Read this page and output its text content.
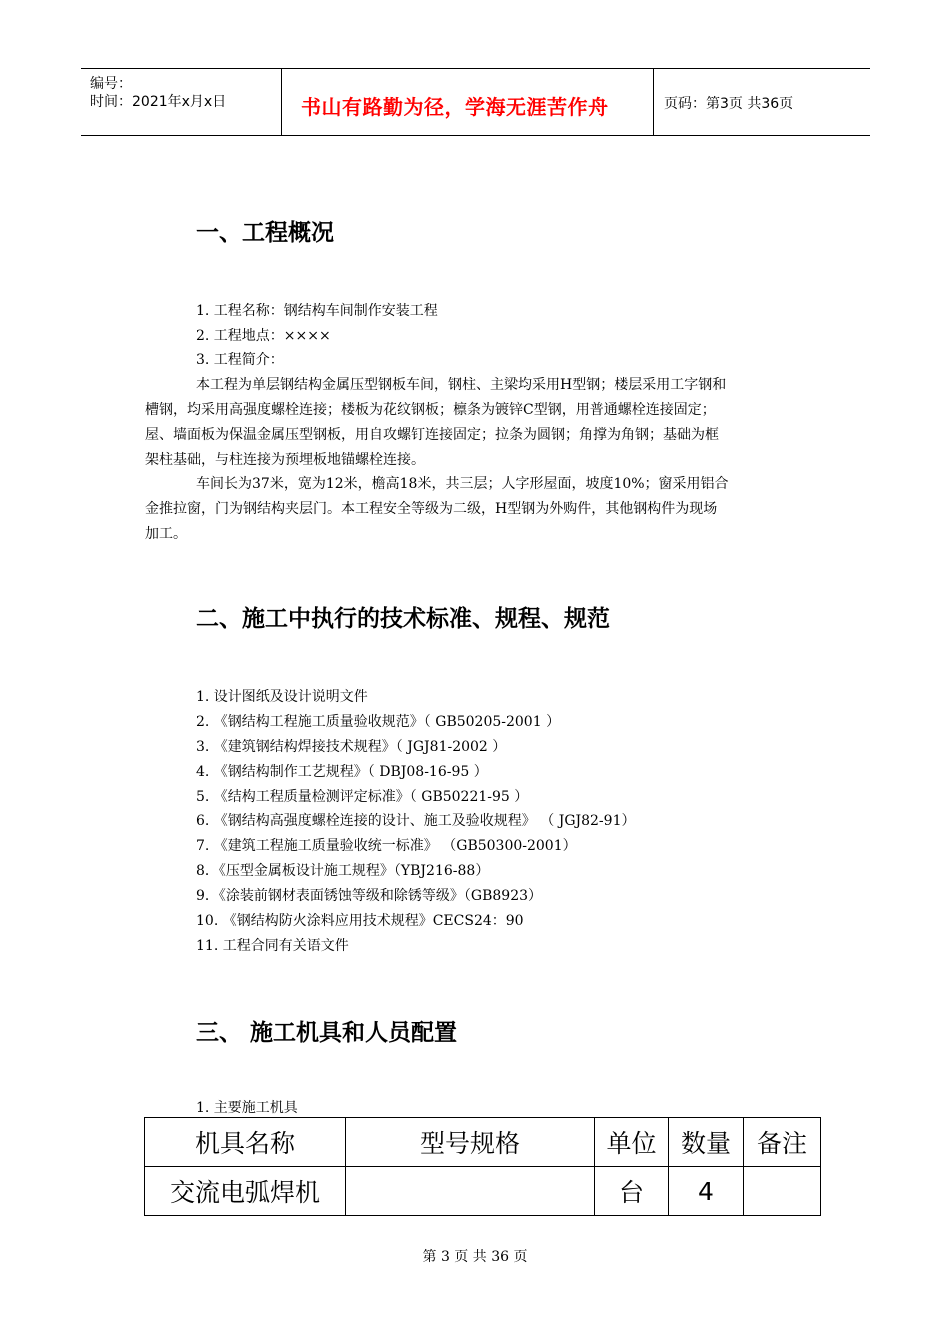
编号：
时间：2021年x月x日	书山有路勤为径，学海无涯苦作舟	页码：第3页 共36页
一、工程概况
1. 工程名称：钢结构车间制作安装工程
2. 工程地点：××××
3. 工程简介：
本工程为单层钢结构金属压型钢板车间，钢柱、主梁均采用H型钢；楼层采用工字钢和
槽钢，均采用高强度螺栓连接；楼板为花纹钢板；檩条为镀锌C型钢，用普通螺栓连接固定；
屋、墙面板为保温金属压型钢板，用自攻螺钉连接固定；拉条为圆钢；角撑为角钢；基础为框
架柱基础，与柱连接为预埋板地锚螺栓连接。
车间长为37米，宽为12米，檐高18米，共三层；人字形屋面，坡度10%；窗采用铝合
金推拉窗，门为钢结构夹层门。本工程安全等级为二级，H型钢为外购件，其他钢构件为现场
加工。
二、施工中执行的技术标准、规程、规范
1. 设计图纸及设计说明文件
2. 《钢结构工程施工质量验收规范》（ GB50205-2001 ）
3. 《建筑钢结构焊接技术规程》（ JGJ81-2002 ）
4. 《钢结构制作工艺规程》（ DBJ08-16-95 ）
5. 《结构工程质量检测评定标准》（ GB50221-95 ）
6. 《钢结构高强度螺栓连接的设计、施工及验收规程》 （ JGJ82-91）
7. 《建筑工程施工质量验收统一标准》 （GB50300-2001）
8．《压型金属板设计施工规程》（YBJ216-88）
9．《涂装前钢材表面锈蚀等级和除锈等级》（GB8923）
10. 《钢结构防火涂料应用技术规程》CECS24：90
11. 工程合同有关语文件
三、 施工机具和人员配置
1. 主要施工机具
机具名称	型号规格	单位	数量	备注
交流电弧焊机		台	4	
第 3 页 共 36 页
